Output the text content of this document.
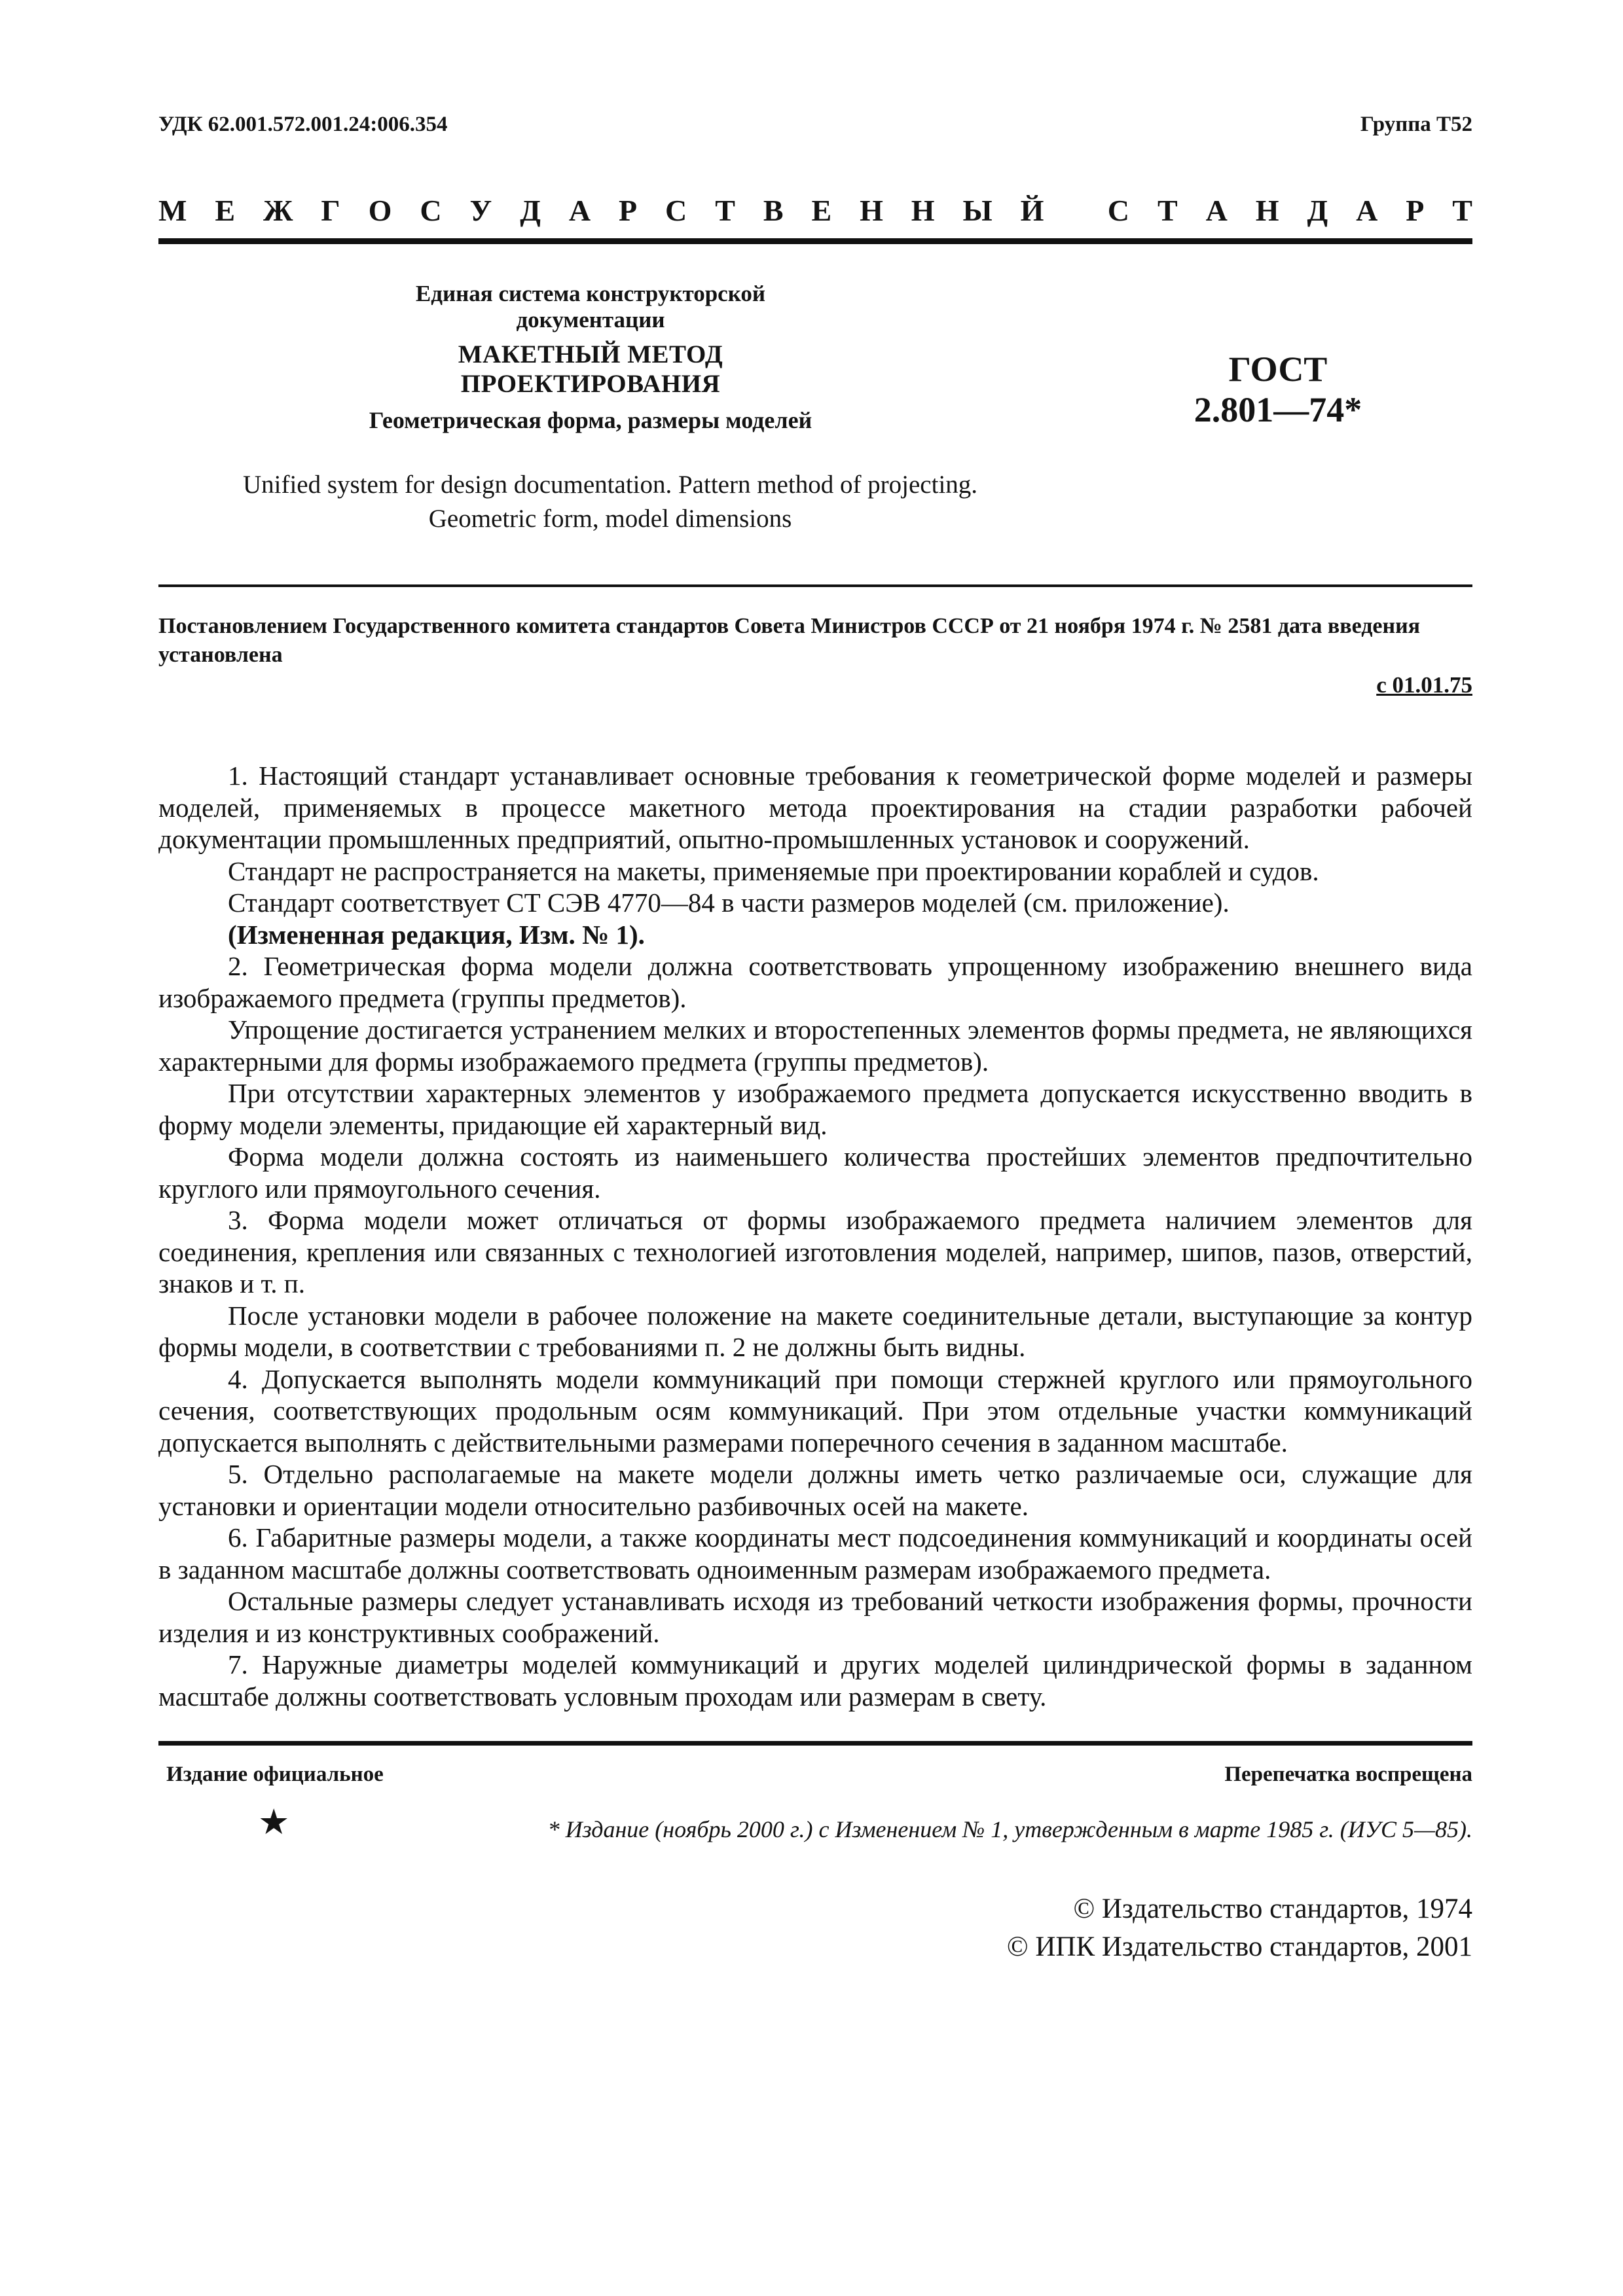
УДК 62.001.572.001.24:006.354	Группа Т52
М Е Ж Г О С У Д А Р С Т В Е Н Н Ы Й
С Т А Н Д А Р Т
Единая система конструкторской документации
МАКЕТНЫЙ МЕТОД ПРОЕКТИРОВАНИЯ
Геометрическая форма, размеры моделей
ГОСТ
2.801—74*
Unified system for design documentation. Pattern method of projecting.
Geometric form, model dimensions
Постановлением Государственного комитета стандартов Совета Министров СССР от 21 ноября 1974 г. № 2581 дата введения установлена
с 01.01.75

1. Настоящий стандарт устанавливает основные требования к геометрической форме моделей и размеры моделей, применяемых в процессе макетного метода проектирования на стадии разработки рабочей документации промышленных предприятий, опытно-промышленных установок и сооружений.

Стандарт не распространяется на макеты, применяемые при проектировании кораблей и судов.

Стандарт соответствует СТ СЭВ 4770—84 в части размеров моделей (см. приложение).

(Измененная редакция, Изм. № 1).

2. Геометрическая форма модели должна соответствовать упрощенному изображению внешнего вида изображаемого предмета (группы предметов).

Упрощение достигается устранением мелких и второстепенных элементов формы предмета, не являющихся характерными для формы изображаемого предмета (группы предметов).

При отсутствии характерных элементов у изображаемого предмета допускается искусственно вводить в форму модели элементы, придающие ей характерный вид.

Форма модели должна состоять из наименьшего количества простейших элементов предпочтительно круглого или прямоугольного сечения.

3. Форма модели может отличаться от формы изображаемого предмета наличием элементов для соединения, крепления или связанных с технологией изготовления моделей, например, шипов, пазов, отверстий, знаков и т. п.

После установки модели в рабочее положение на макете соединительные детали, выступающие за контур формы модели, в соответствии с требованиями п. 2 не должны быть видны.

4. Допускается выполнять модели коммуникаций при помощи стержней круглого или прямоугольного сечения, соответствующих продольным осям коммуникаций. При этом отдельные участки коммуникаций допускается выполнять с действительными размерами поперечного сечения в заданном масштабе.

5. Отдельно располагаемые на макете модели должны иметь четко различаемые оси, служащие для установки и ориентации модели относительно разбивочных осей на макете.

6. Габаритные размеры модели, а также координаты мест подсоединения коммуникаций и координаты осей в заданном масштабе должны соответствовать одноименным размерам изображаемого предмета.

Остальные размеры следует устанавливать исходя из требований четкости изображения формы, прочности изделия и из конструктивных соображений.

7. Наружные диаметры моделей коммуникаций и других моделей цилиндрической формы в заданном масштабе должны соответствовать условным проходам или размерам в свету.

Издание официальное	Перепечатка воспрещена
★	* Издание (ноябрь 2000 г.) с Изменением № 1, утвержденным в марте 1985 г. (ИУС 5—85).
© Издательство стандартов, 1974
© ИПК Издательство стандартов, 2001
